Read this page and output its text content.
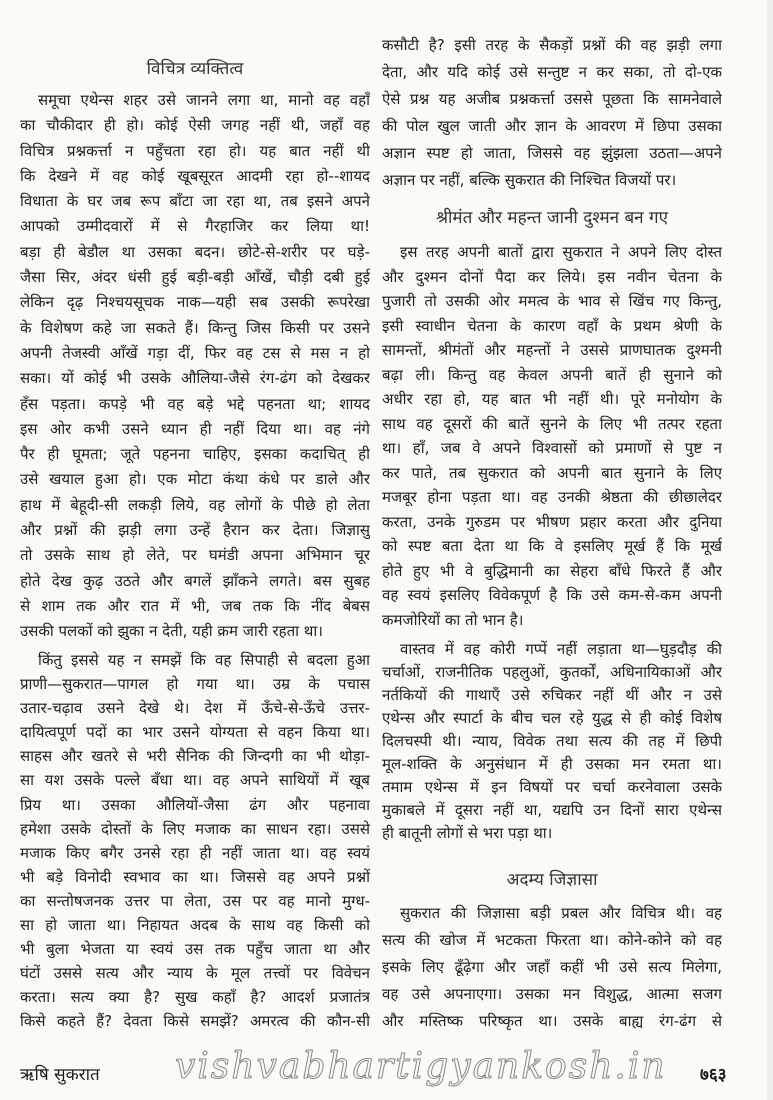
विचित्र व्यक्तित्व
समूचा एथेन्स शहर उसे जानने लगा था, मानो वह वहाँ
का चौकीदार ही हो। कोई ऐसी जगह नहीं थी, जहाँ वह
विचित्र प्रश्नकर्त्ता न पहुँचता रहा हो। यह बात नहीं थी
कि देखने में वह कोई खूबसूरत आदमी रहा हो--शायद
विधाता के घर जब रूप बाँटा जा रहा था, तब इसने अपने
आपको उम्मीदवारों में से गैरहाजिर कर लिया था!
बड़ा ही बेडौल था उसका बदन। छोटे-से-शरीर पर घड़े-
जैसा सिर, अंदर धंसी हुई बड़ी-बड़ी आँखें, चौड़ी दबी हुई
लेकिन दृढ़ निश्चयसूचक नाक—यही सब उसकी रूपरेखा
के विशेषण कहे जा सकते हैं। किन्तु जिस किसी पर उसने
अपनी तेजस्वी आँखें गड़ा दीं, फिर वह टस से मस न हो
सका। यों कोई भी उसके औलिया-जैसे रंग-ढंग को देखकर
हँस पड़ता। कपड़े भी वह बड़े भद्दे पहनता था; शायद
इस ओर कभी उसने ध्यान ही नहीं दिया था। वह नंगे
पैर ही घूमता; जूते पहनना चाहिए, इसका कदाचित् ही
उसे खयाल हुआ हो। एक मोटा कंथा कंधे पर डाले और
हाथ में बेहूदी-सी लकड़ी लिये, वह लोगों के पीछे हो लेता
और प्रश्नों की झड़ी लगा उन्हें हैरान कर देता। जिज्ञासु
तो उसके साथ हो लेते, पर घमंडी अपना अभिमान चूर
होते देख कुढ़ उठते और बगलें झाँकने लगते। बस सुबह
से शाम तक और रात में भी, जब तक कि नींद बेबस
उसकी पलकों को झुका न देती, यही क्रम जारी रहता था।
किंतु इससे यह न समझें कि वह सिपाही से बदला हुआ
प्राणी—सुकरात—पागल हो गया था। उम्र के पचास
उतार-चढ़ाव उसने देखे थे। देश में ऊँचे-से-ऊँचे उत्तर-
दायित्वपूर्ण पदों का भार उसने योग्यता से वहन किया था।
साहस और खतरे से भरी सैनिक की जिन्दगी का भी थोड़ा-
सा यश उसके पल्ले बँधा था। वह अपने साथियों में खूब
प्रिय था। उसका औलियों-जैसा ढंग और पहनावा
हमेशा उसके दोस्तों के लिए मजाक का साधन रहा। उससे
मजाक किए बगैर उनसे रहा ही नहीं जाता था। वह स्वयं
भी बड़े विनोदी स्वभाव का था। जिससे वह अपने प्रश्नों
का सन्तोषजनक उत्तर पा लेता, उस पर वह मानो मुग्ध-
सा हो जाता था। निहायत अदब के साथ वह किसी को
भी बुला भेजता या स्वयं उस तक पहुँच जाता था और
घंटों उससे सत्य और न्याय के मूल तत्त्वों पर विवेचन
करता। सत्य क्या है? सुख कहाँ है? आदर्श प्रजातंत्र
किसे कहते हैं? देवता किसे समझें? अमरत्व की कौन-सी
कसौटी है? इसी तरह के सैकड़ों प्रश्नों की वह झड़ी लगा
देता, और यदि कोई उसे सन्तुष्ट न कर सका, तो दो-एक
ऐसे प्रश्न यह अजीब प्रश्नकर्त्ता उससे पूछता कि सामनेवाले
की पोल खुल जाती और ज्ञान के आवरण में छिपा उसका
अज्ञान स्पष्ट हो जाता, जिससे वह झुंझला उठता—अपने
अज्ञान पर नहीं, बल्कि सुकरात की निश्चित विजयों पर।
श्रीमंत और महन्त जानी दुश्मन बन गए
इस तरह अपनी बातों द्वारा सुकरात ने अपने लिए दोस्त
और दुश्मन दोनों पैदा कर लिये। इस नवीन चेतना के
पुजारी तो उसकी ओर ममत्व के भाव से खिंच गए किन्तु,
इसी स्वाधीन चेतना के कारण वहाँ के प्रथम श्रेणी के
सामन्तों, श्रीमंतों और महन्तों ने उससे प्राणघातक दुश्मनी
बढ़ा ली। किन्तु वह केवल अपनी बातें ही सुनाने को
अधीर रहा हो, यह बात भी नहीं थी। पूरे मनोयोग के
साथ वह दूसरों की बातें सुनने के लिए भी तत्पर रहता
था। हाँ, जब वे अपने विश्वासों को प्रमाणों से पुष्ट न
कर पाते, तब सुकरात को अपनी बात सुनाने के लिए
मजबूर होना पड़ता था। वह उनकी श्रेष्ठता की छीछालेदर
करता, उनके गुरुडम पर भीषण प्रहार करता और दुनिया
को स्पष्ट बता देता था कि वे इसलिए मूर्ख हैं कि मूर्ख
होते हुए भी वे बुद्धिमानी का सेहरा बाँधे फिरते हैं और
वह स्वयं इसलिए विवेकपूर्ण है कि उसे कम-से-कम अपनी
कमजोरियों का तो भान है।
वास्तव में वह कोरी गप्पें नहीं लड़ाता था—घुड़दौड़ की
चर्चाओं, राजनीतिक पहलुओं, कुतर्कों, अधिनायिकाओं और
नर्तकियों की गाथाएँ उसे रुचिकर नहीं थीं और न उसे
एथेन्स और स्पार्टा के बीच चल रहे युद्ध से ही कोई विशेष
दिलचस्पी थी। न्याय, विवेक तथा सत्य की तह में छिपी
मूल-शक्ति के अनुसंधान में ही उसका मन रमता था।
तमाम एथेन्स में इन विषयों पर चर्चा करनेवाला उसके
मुकाबले में दूसरा नहीं था, यद्यपि उन दिनों सारा एथेन्स
ही बातूनी लोगों से भरा पड़ा था।
अदम्य जिज्ञासा
सुकरात की जिज्ञासा बड़ी प्रबल और विचित्र थी। वह
सत्य की खोज में भटकता फिरता था। कोने-कोने को वह
इसके लिए ढूँढ़ेगा और जहाँ कहीं भी उसे सत्य मिलेगा,
वह उसे अपनाएगा। उसका मन विशुद्ध, आत्मा सजग
और मस्तिष्क परिष्कृत था। उसके बाह्य रंग-ढंग से
ऋषि सुकरात vishvabhartigyankosh.in ७६३
